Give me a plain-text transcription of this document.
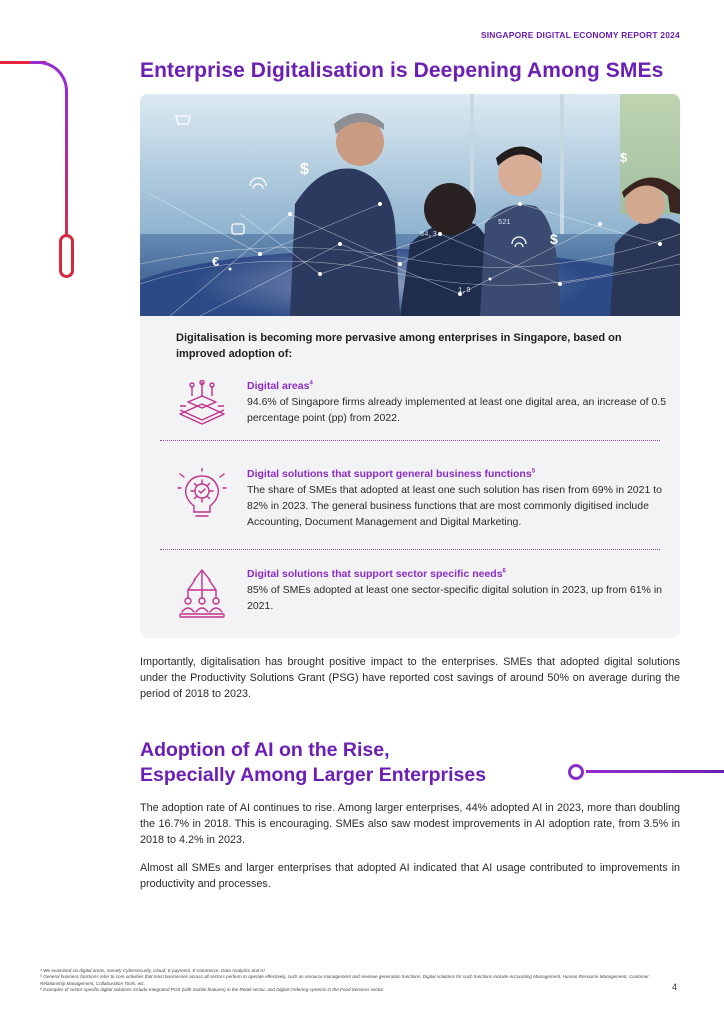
SINGAPORE DIGITAL ECONOMY REPORT 2024
Enterprise Digitalisation is Deepening Among SMEs
$
$
€
$
521
1,9
64,3
Digitalisation is becoming more pervasive among enterprises in Singapore, based on improved adoption of:
Digital areas$^4$
94.6% of Singapore firms already implemented at least one digital area, an increase of 0.5 percentage point (pp) from 2022.
Digital solutions that support general business functions$^5$
The share of SMEs that adopted at least one such solution has risen from 69% in 2021 to 82% in 2023. The general business functions that are most commonly digitised include Accounting, Document Management and Digital Marketing.
Digital solutions that support sector specific needs$^6$
85% of SMEs adopted at least one sector-specific digital solution in 2023, up from 61% in 2021.
Importantly, digitalisation has brought positive impact to the enterprises. SMEs that adopted digital solutions under the Productivity Solutions Grant (PSG) have reported cost savings of around 50% on average during the period of 2018 to 2023.
Adoption of AI on the Rise,
Especially Among Larger Enterprises
The adoption rate of AI continues to rise. Among larger enterprises, 44% adopted AI in 2023, more than doubling the 16.7% in 2018. This is encouraging. SMEs also saw modest improvements in AI adoption rate, from 3.5% in 2018 to 4.2% in 2023.
Almost all SMEs and larger enterprises that adopted AI indicated that AI usage contributed to improvements in productivity and processes.
⁴ We examined six digital areas, namely Cybersecurity, Cloud, E-payment, E-commerce, Data Analytics and AI.
⁵ General business functions refer to core activities that most businesses across all sectors perform to operate effectively, such as resource management and revenue generation functions. Digital solutions for such functions include Accounting Management, Human Resource Management, Customer Relationship Management, Collaboration Tools, etc.
⁶ Examples of sector-specific digital solutions include Integrated POS (with mobile features) in the Retail sector, and Digital Ordering systems in the Food Services sector.	4
